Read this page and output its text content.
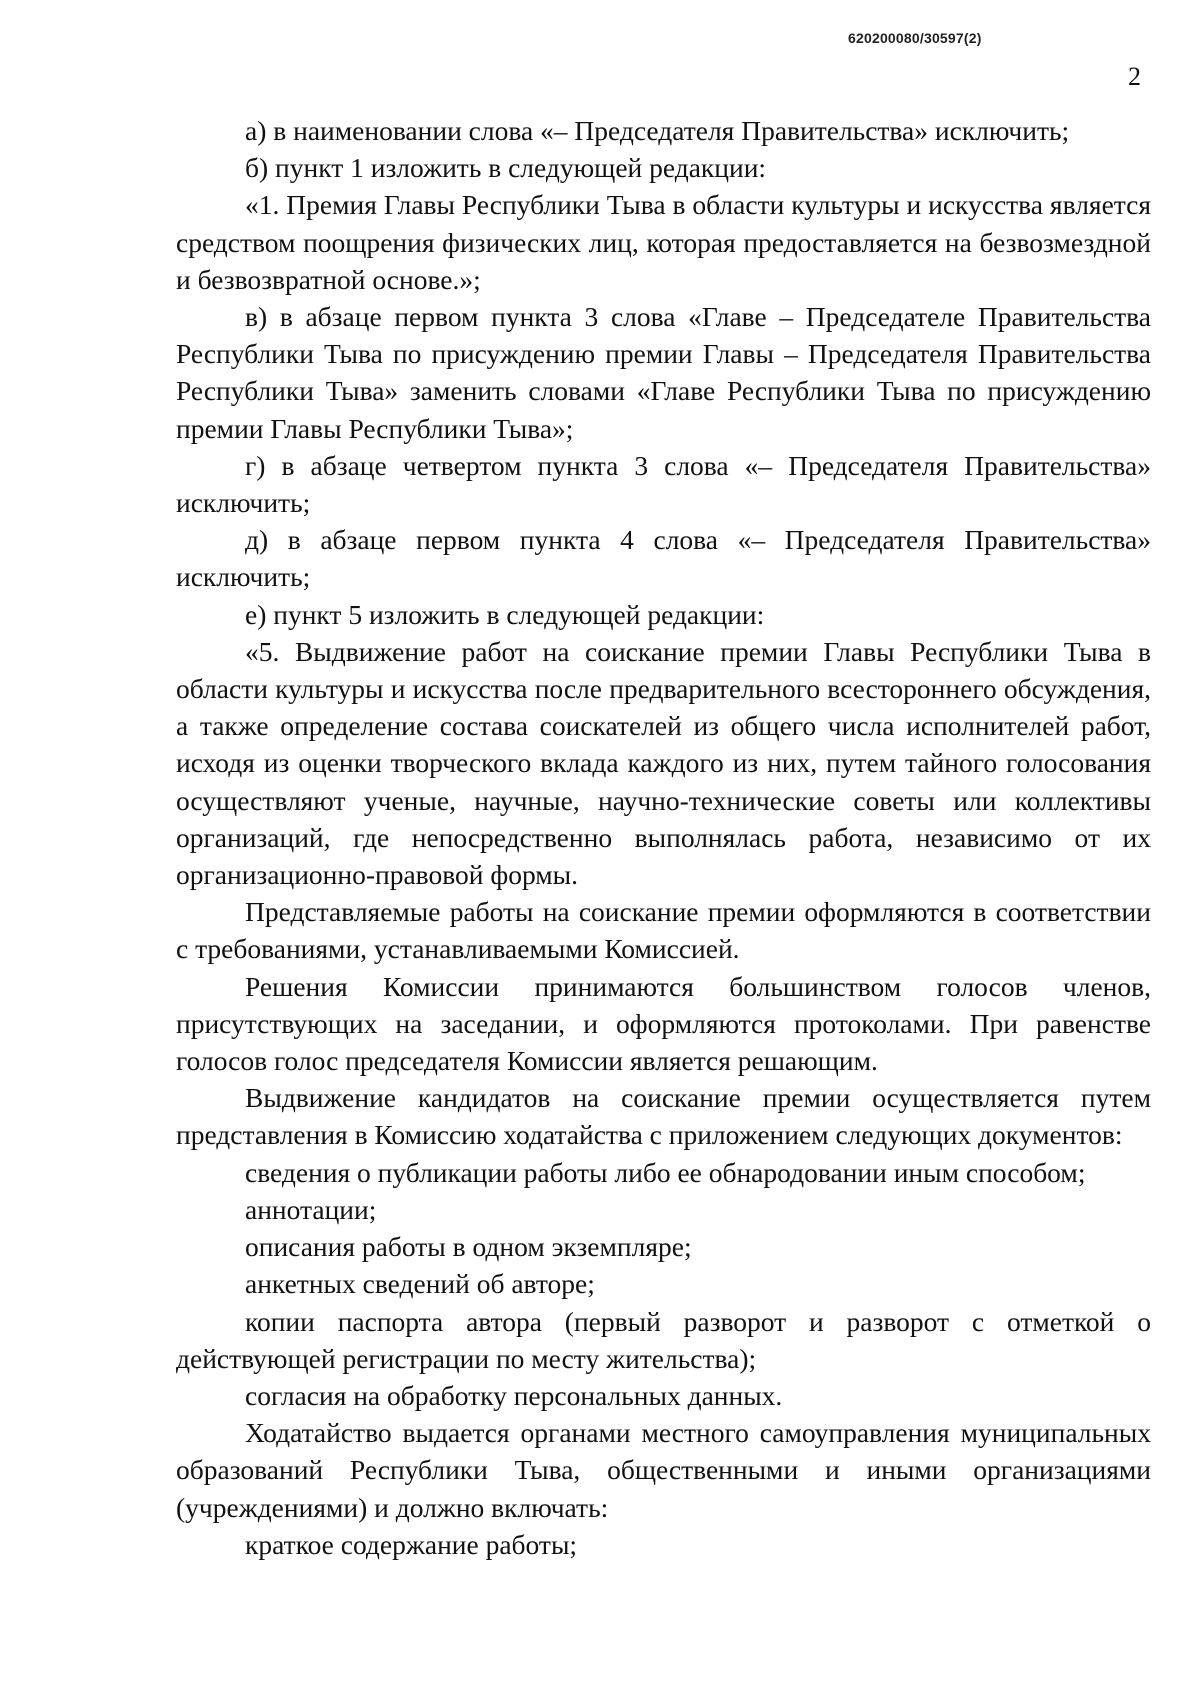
620200080/30597(2)
2

а) в наименовании слова «– Председателя Правительства» исключить;

б) пункт 1 изложить в следующей редакции:

«1. Премия Главы Республики Тыва в области культуры и искусства является средством поощрения физических лиц, которая предоставляется на безвозмездной и безвозвратной основе.»;

в) в абзаце первом пункта 3 слова «Главе – Председателе Правительства Республики Тыва по присуждению премии Главы – Председателя Правительства Республики Тыва» заменить словами «Главе Республики Тыва по присуждению премии Главы Республики Тыва»;

г) в абзаце четвертом пункта 3 слова «– Председателя Правительства» исключить;

д) в абзаце первом пункта 4 слова «– Председателя Правительства» исключить;

е) пункт 5 изложить в следующей редакции:

«5. Выдвижение работ на соискание премии Главы Республики Тыва в области культуры и искусства после предварительного всестороннего обсуждения, а также определение состава соискателей из общего числа исполнителей работ, исходя из оценки творческого вклада каждого из них, путем тайного голосования осуществляют ученые, научные, научно-технические советы или коллективы организаций, где непосредственно выполнялась работа, независимо от их организационно-правовой формы.

Представляемые работы на соискание премии оформляются в соответствии с требованиями, устанавливаемыми Комиссией.

Решения Комиссии принимаются большинством голосов членов, присутствующих на заседании, и оформляются протоколами. При равенстве голосов голос председателя Комиссии является решающим.

Выдвижение кандидатов на соискание премии осуществляется путем представления в Комиссию ходатайства с приложением следующих документов:

сведения о публикации работы либо ее обнародовании иным способом;

аннотации;

описания работы в одном экземпляре;

анкетных сведений об авторе;

копии паспорта автора (первый разворот и разворот с отметкой о действующей регистрации по месту жительства);

согласия на обработку персональных данных.

Ходатайство выдается органами местного самоуправления муниципальных образований Республики Тыва, общественными и иными организациями (учреждениями) и должно включать:

краткое содержание работы;
